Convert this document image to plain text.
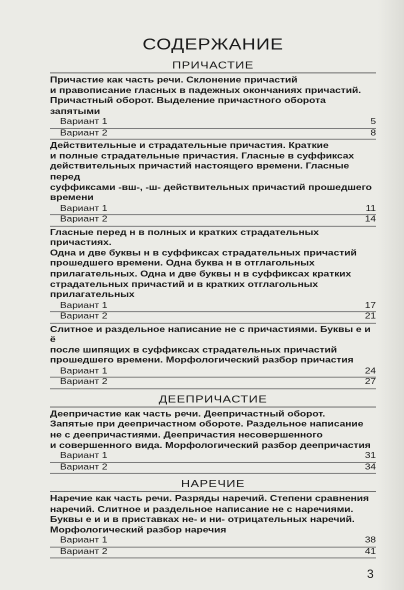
СОДЕРЖАНИЕ
ПРИЧАСТИЕ
Причастие как часть речи. Склонение причастий
и правописание гласных в падежных окончаниях причастий.
Причастный оборот. Выделение причастного оборота запятыми
Вариант 1	5
Вариант 2	8
Действительные и страдательные причастия. Краткие
и полные страдательные причастия. Гласные в суффиксах
действительных причастий настоящего времени. Гласные перед
суффиксами -вш-, -ш- действительных причастий прошедшего
времени
Вариант 1	11
Вариант 2	14
Гласные перед н в полных и кратких страдательных причастиях.
Одна и две буквы н в суффиксах страдательных причастий
прошедшего времени. Одна буква н в отглагольных
прилагательных. Одна и две буквы н в суффиксах кратких
страдательных причастий и в кратких отглагольных
прилагательных
Вариант 1	17
Вариант 2	21
Слитное и раздельное написание не с причастиями. Буквы е и ё
после шипящих в суффиксах страдательных причастий
прошедшего времени. Морфологический разбор причастия
Вариант 1	24
Вариант 2	27
ДЕЕПРИЧАСТИЕ
Деепричастие как часть речи. Деепричастный оборот.
Запятые при деепричастном обороте. Раздельное написание
не с деепричастиями. Деепричастия несовершенного
и совершенного вида. Морфологический разбор деепричастия
Вариант 1	31
Вариант 2	34
НАРЕЧИЕ
Наречие как часть речи. Разряды наречий. Степени сравнения
наречий. Слитное и раздельное написание не с наречиями.
Буквы е и и в приставках не- и ни- отрицательных наречий.
Морфологический разбор наречия
Вариант 1	38
Вариант 2	41
3
